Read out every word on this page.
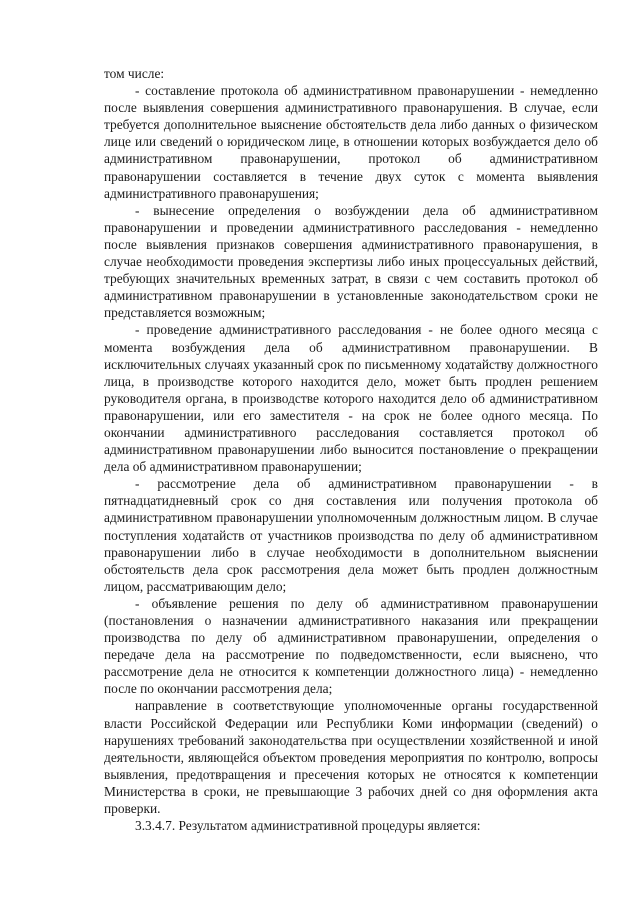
том числе:

- составление протокола об административном правонарушении - немедленно после выявления совершения административного правонарушения. В случае, если требуется дополнительное выяснение обстоятельств дела либо данных о физическом лице или сведений о юридическом лице, в отношении которых возбуждается дело об административном правонарушении, протокол об административном правонарушении составляется в течение двух суток с момента выявления административного правонарушения;

- вынесение определения о возбуждении дела об административном правонарушении и проведении административного расследования - немедленно после выявления признаков совершения административного правонарушения, в случае необходимости проведения экспертизы либо иных процессуальных действий, требующих значительных временных затрат, в связи с чем составить протокол об административном правонарушении в установленные законодательством сроки не представляется возможным;

- проведение административного расследования - не более одного месяца с момента возбуждения дела об административном правонарушении. В исключительных случаях указанный срок по письменному ходатайству должностного лица, в производстве которого находится дело, может быть продлен решением руководителя органа, в производстве которого находится дело об административном правонарушении, или его заместителя - на срок не более одного месяца. По окончании административного расследования составляется протокол об административном правонарушении либо выносится постановление о прекращении дела об административном правонарушении;

- рассмотрение дела об административном правонарушении - в пятнадцатидневный срок со дня составления или получения протокола об административном правонарушении уполномоченным должностным лицом. В случае поступления ходатайств от участников производства по делу об административном правонарушении либо в случае необходимости в дополнительном выяснении обстоятельств дела срок рассмотрения дела может быть продлен должностным лицом, рассматривающим дело;

- объявление решения по делу об административном правонарушении (постановления о назначении административного наказания или прекращении производства по делу об административном правонарушении, определения о передаче дела на рассмотрение по подведомственности, если выяснено, что рассмотрение дела не относится к компетенции должностного лица) - немедленно после по окончании рассмотрения дела;

направление в соответствующие уполномоченные органы государственной власти Российской Федерации или Республики Коми информации (сведений) о нарушениях требований законодательства при осуществлении хозяйственной и иной деятельности, являющейся объектом проведения мероприятия по контролю, вопросы выявления, предотвращения и пресечения которых не относятся к компетенции Министерства в сроки, не превышающие 3 рабочих дней со дня оформления акта проверки.

3.3.4.7. Результатом административной процедуры является:
